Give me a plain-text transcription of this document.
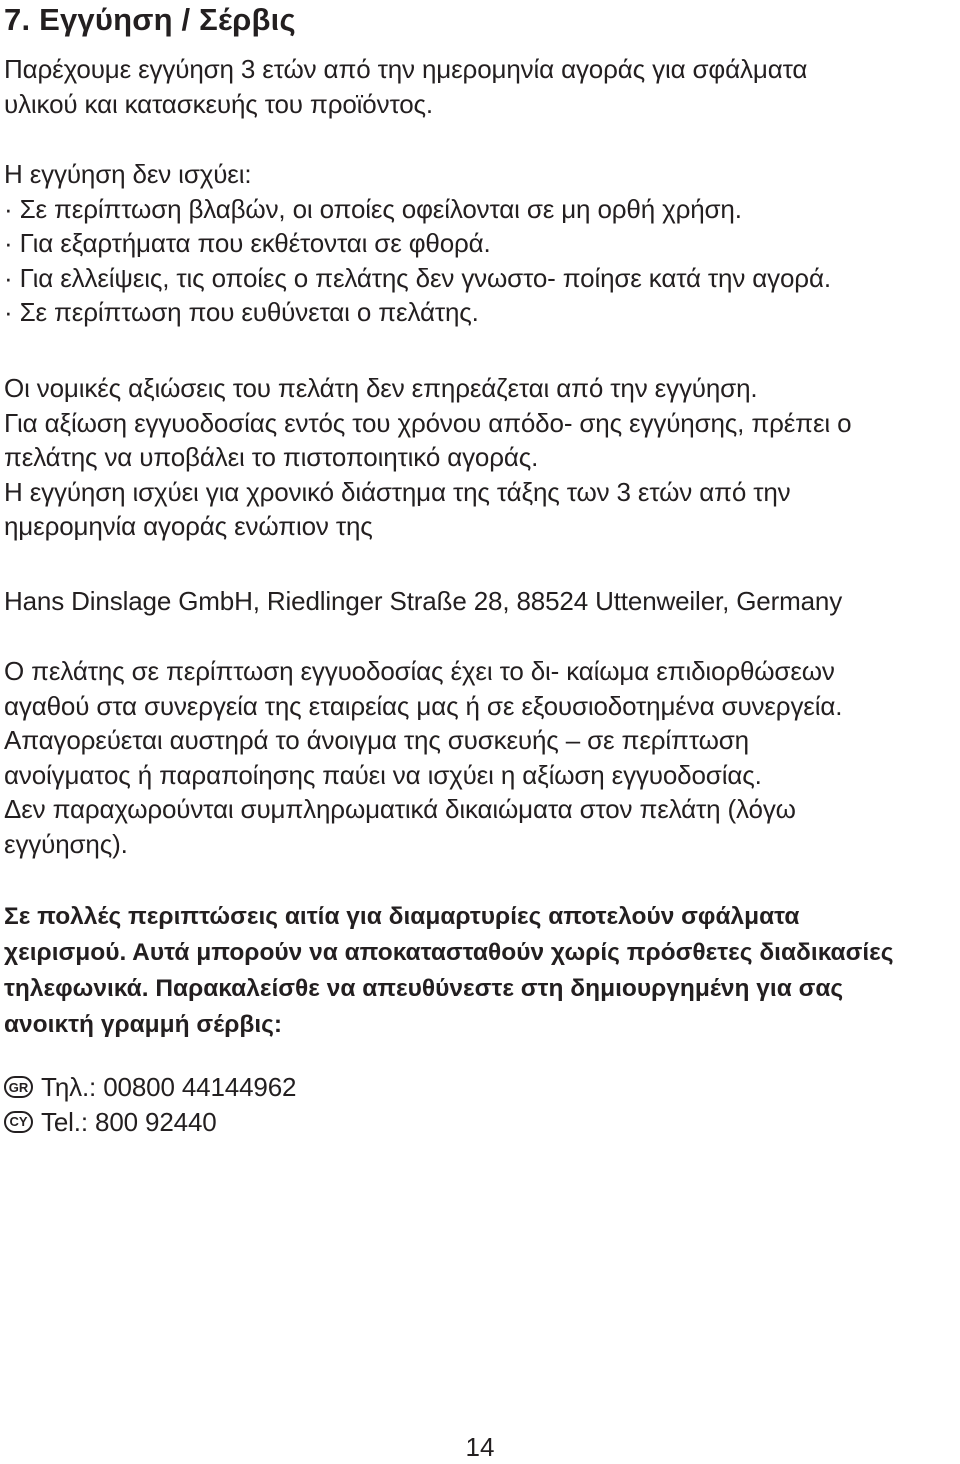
7. Εγγύηση / Σέρβις

Παρέχουμε εγγύηση 3 ετών από την ημερομηνία αγοράς για σφάλματα
υλικού και κατασκευής του προϊόντος.

Η εγγύηση δεν ισχύει:
· Σε περίπτωση βλαβών, οι οποίες οφείλονται σε μη ορθή χρήση.
· Για εξαρτήματα που εκθέτονται σε φθορά.
· Για ελλείψεις, τις οποίες ο πελάτης δεν γνωστο- ποίησε κατά την αγορά.
· Σε περίπτωση που ευθύνεται ο πελάτης.

Οι νομικές αξιώσεις του πελάτη δεν επηρεάζεται από την εγγύηση.
Για αξίωση εγγυοδοσίας εντός του χρόνου απόδο- σης εγγύησης, πρέπει ο
πελάτης να υποβάλει το πιστοποιητικό αγοράς.
Η εγγύηση ισχύει για χρονικό διάστημα της τάξης των 3 ετών από την
ημερομηνία αγοράς ενώπιον της

Hans Dinslage GmbH, Riedlinger Straße 28, 88524 Uttenweiler, Germany

Ο πελάτης σε περίπτωση εγγυοδοσίας έχει το δι- καίωμα επιδιορθώσεων
αγαθού στα συνεργεία της εταιρείας μας ή σε εξουσιοδοτημένα συνεργεία.
Απαγορεύεται αυστηρά το άνοιγμα της συσκευής – σε περίπτωση
ανοίγματος ή παραποίησης παύει να ισχύει η αξίωση εγγυοδοσίας.
Δεν παραχωρούνται συμπληρωματικά δικαιώματα στον πελάτη (λόγω
εγγύησης).

Σε πολλές περιπτώσεις αιτία για διαμαρτυρίες αποτελούν σφάλματα
χειρισμού. Αυτά μπορούν να αποκατασταθούν χωρίς πρόσθετες διαδικασίες
τηλεφωνικά. Παρακαλείσθε να απευθύνεστε στη δημιουργημένη για σας
ανοικτή γραμμή σέρβις:

GR Τηλ.: 00800 44144962
CY Tel.: 800 92440
14
